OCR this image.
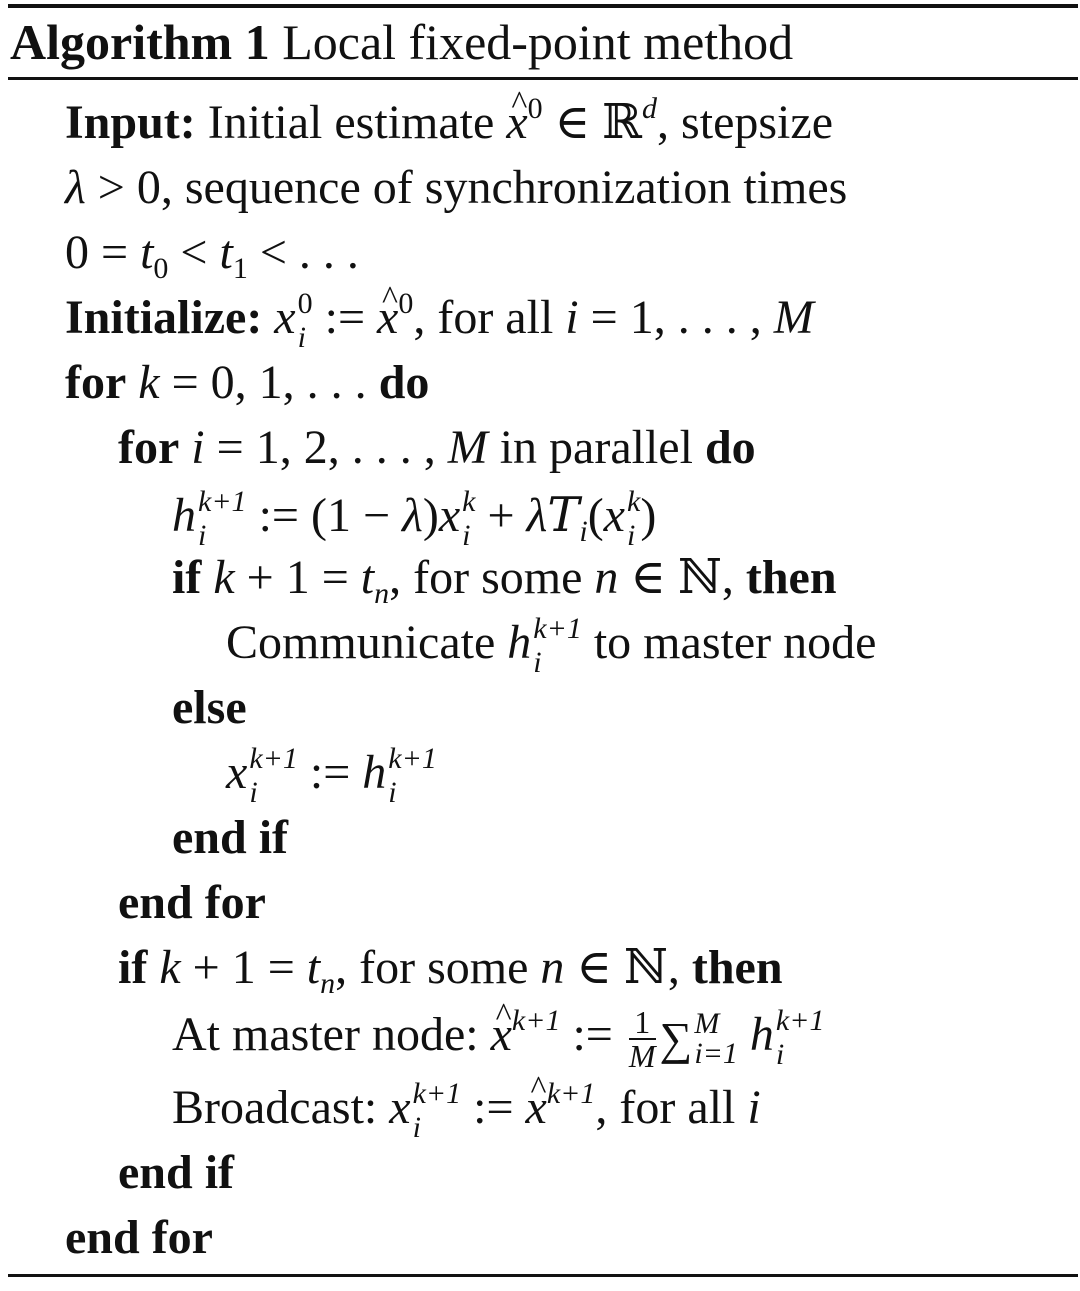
Algorithm 1 Local fixed-point method
Input: Initial estimate x ^$^0$ ∈ ℝ$^d$, stepsize
λ > 0, sequence of synchronization times
$0 = t_0 < t_1$ < . . .
Initialize: x 0
i := x ^$^0$, for all i = 1, . . . , M
for k = 0, 1, . . . do
for i = 1, 2, . . . , M in parallel do
h k+1
i := (1 − λ)x k
$i + \lambda T_i(x$ k
i )
if $k + 1 = t_n$, for some n ∈ ℕ, then
Communicate h k+1
i	to master node
else
x k+1
i := h k+1
i
end if
end for
if $k + 1 = t_n$, for some n ∈ ℕ, then
At master node: x ^$^{k+1}$ := $\frac{1}{M}$ ∑ M
i=1 h k+1
i
Broadcast: x k+1
i := x ^$^{k+1}$, for all i
end if
end for
